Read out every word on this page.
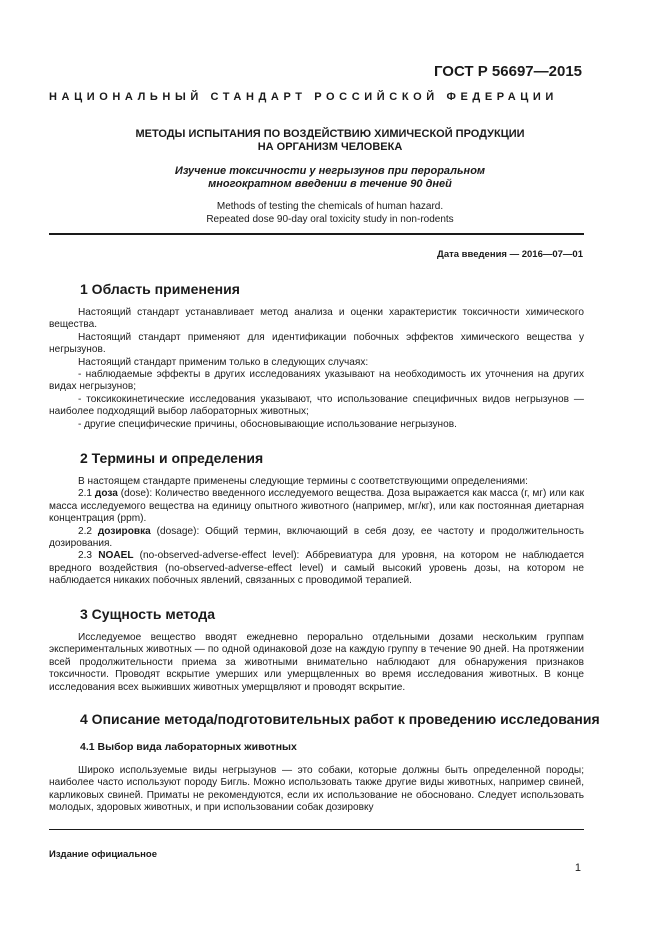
ГОСТ Р 56697—2015
НАЦИОНАЛЬНЫЙ СТАНДАРТ РОССИЙСКОЙ ФЕДЕРАЦИИ
МЕТОДЫ ИСПЫТАНИЯ ПО ВОЗДЕЙСТВИЮ ХИМИЧЕСКОЙ ПРОДУКЦИИ
НА ОРГАНИЗМ ЧЕЛОВЕКА
Изучение токсичности у негрызунов при пероральном
многократном введении в течение 90 дней
Methods of testing the chemicals of human hazard.
Repeated dose 90-day oral toxicity study in non-rodents
Дата введения — 2016—07—01
1 Область применения

Настоящий стандарт устанавливает метод анализа и оценки характеристик токсичности химического вещества.

Настоящий стандарт применяют для идентификации побочных эффектов химического вещества у негрызунов.

Настоящий стандарт применим только в следующих случаях:

- наблюдаемые эффекты в других исследованиях указывают на необходимость их уточнения на других видах негрызунов;

- токсикокинетические исследования указывают, что использование специфичных видов негрызунов — наиболее подходящий выбор лабораторных животных;

- другие специфические причины, обосновывающие использование негрызунов.

2 Термины и определения

В настоящем стандарте применены следующие термины с соответствующими определениями:

2.1 доза (dose): Количество введенного исследуемого вещества. Доза выражается как масса (г, мг) или как масса исследуемого вещества на единицу опытного животного (например, мг/кг), или как постоянная диетарная концентрация (ppm).

2.2 дозировка (dosage): Общий термин, включающий в себя дозу, ее частоту и продолжительность дозирования.

2.3 NOAEL (no-observed-adverse-effect level): Аббревиатура для уровня, на котором не наблюдается вредного воздействия (no-observed-adverse-effect level) и самый высокий уровень дозы, на котором не наблюдается никаких побочных явлений, связанных с проводимой терапией.

3 Сущность метода

Исследуемое вещество вводят ежедневно перорально отдельными дозами нескольким группам экспериментальных животных — по одной одинаковой дозе на каждую группу в течение 90 дней. На протяжении всей продолжительности приема за животными внимательно наблюдают для обнаружения признаков токсичности. Проводят вскрытие умерших или умерщвленных во время исследования животных. В конце исследования всех выживших животных умерщвляют и проводят вскрытие.

4 Описание метода/подготовительных работ к проведению исследования
4.1 Выбор вида лабораторных животных

Широко используемые виды негрызунов — это собаки, которые должны быть определенной породы; наиболее часто используют породу Бигль. Можно использовать также другие виды животных, например свиней, карликовых свиней. Приматы не рекомендуются, если их использование не обосновано. Следует использовать молодых, здоровых животных, и при использовании собак дозировку

Издание официальное
1
